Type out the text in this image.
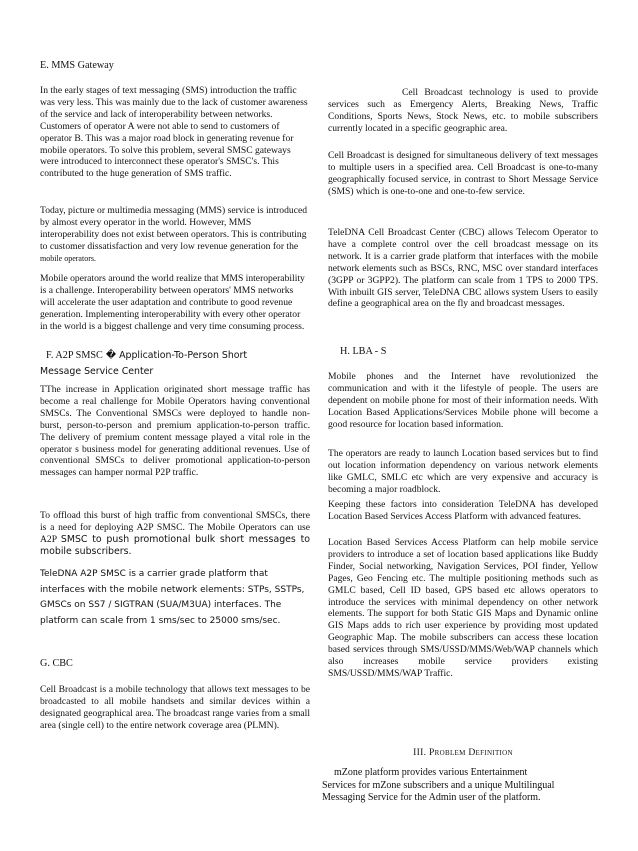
E. MMS Gateway

In the early stages of text messaging (SMS) introduction the traffic was very less. This was mainly due to the lack of customer awareness of the service and lack of interoperability between networks. Customers of operator A were not able to send to customers of operator B. This was a major road block in generating revenue for mobile operators. To solve this problem, several SMSC gateways were introduced to interconnect these operator's SMSC's. This contributed to the huge generation of SMS traffic.

Today, picture or multimedia messaging (MMS) service is introduced by almost every operator in the world. However, MMS interoperability does not exist between operators. This is contributing to customer dissatisfaction and very low revenue generation for the mobile operators.

Mobile operators around the world realize that MMS interoperability is a challenge. Interoperability between operators' MMS networks will accelerate the user adaptation and contribute to good revenue generation. Implementing interoperability with every other operator in the world is a biggest challenge and very time consuming process.

F. A2P SMSC � Application-To-Person Short
Message Service Center

TThe increase in Application originated short message traffic has become a real challenge for Mobile Operators having conventional SMSCs. The Conventional SMSCs were deployed to handle non-burst, person-to-person and premium application-to-person traffic. The delivery of premium content message played a vital role in the operator s business model for generating additional revenues. Use of conventional SMSCs to deliver promotional application-to-person messages can hamper normal P2P traffic.

To offload this burst of high traffic from conventional SMSCs, there is a need for deploying A2P SMSC. The Mobile Operators can use A2P SMSC to push promotional bulk short messages to mobile subscribers.

TeleDNA A2P SMSC is a carrier grade platform that interfaces with the mobile network elements: STPs, SSTPs, GMSCs on SS7 / SIGTRAN (SUA/M3UA) interfaces. The platform can scale from 1 sms/sec to 25000 sms/sec.

G. CBC

Cell Broadcast is a mobile technology that allows text messages to be broadcasted to all mobile handsets and similar devices within a designated geographical area. The broadcast range varies from a small area (single cell) to the entire network coverage area (PLMN).

Cell Broadcast technology is used to provide services such as Emergency Alerts, Breaking News, Traffic Conditions, Sports News, Stock News, etc. to mobile subscribers currently located in a specific geographic area.

Cell Broadcast is designed for simultaneous delivery of text messages to multiple users in a specified area. Cell Broadcast is one-to-many geographically focused service, in contrast to Short Message Service (SMS) which is one-to-one and one-to-few service.

TeleDNA Cell Broadcast Center (CBC) allows Telecom Operator to have a complete control over the cell broadcast message on its network. It is a carrier grade platform that interfaces with the mobile network elements such as BSCs, RNC, MSC over standard interfaces (3GPP or 3GPP2). The platform can scale from 1 TPS to 2000 TPS. With inbuilt GIS server, TeleDNA CBC allows system Users to easily define a geographical area on the fly and broadcast messages.

H. LBA - S

Mobile phones and the Internet have revolutionized the communication and with it the lifestyle of people. The users are dependent on mobile phone for most of their information needs. With Location Based Applications/Services Mobile phone will become a good resource for location based information.

The operators are ready to launch Location based services but to find out location information dependency on various network elements like GMLC, SMLC etc which are very expensive and accuracy is becoming a major roadblock.

Keeping these factors into consideration TeleDNA has developed Location Based Services Access Platform with advanced features.

Location Based Services Access Platform can help mobile service providers to introduce a set of location based applications like Buddy Finder, Social networking, Navigation Services, POI finder, Yellow Pages, Geo Fencing etc. The multiple positioning methods such as GMLC based, Cell ID based, GPS based etc allows operators to introduce the services with minimal dependency on other network elements. The support for both Static GIS Maps and Dynamic online GIS Maps adds to rich user experience by providing most updated Geographic Map. The mobile subscribers can access these location based services through SMS/USSD/MMS/Web/WAP channels which also increases mobile service providers existing SMS/USSD/MMS/WAP Traffic.

III. Problem Definition

mZone platform provides various Entertainment Services for mZone subscribers and a unique Multilingual Messaging Service for the Admin user of the platform.
